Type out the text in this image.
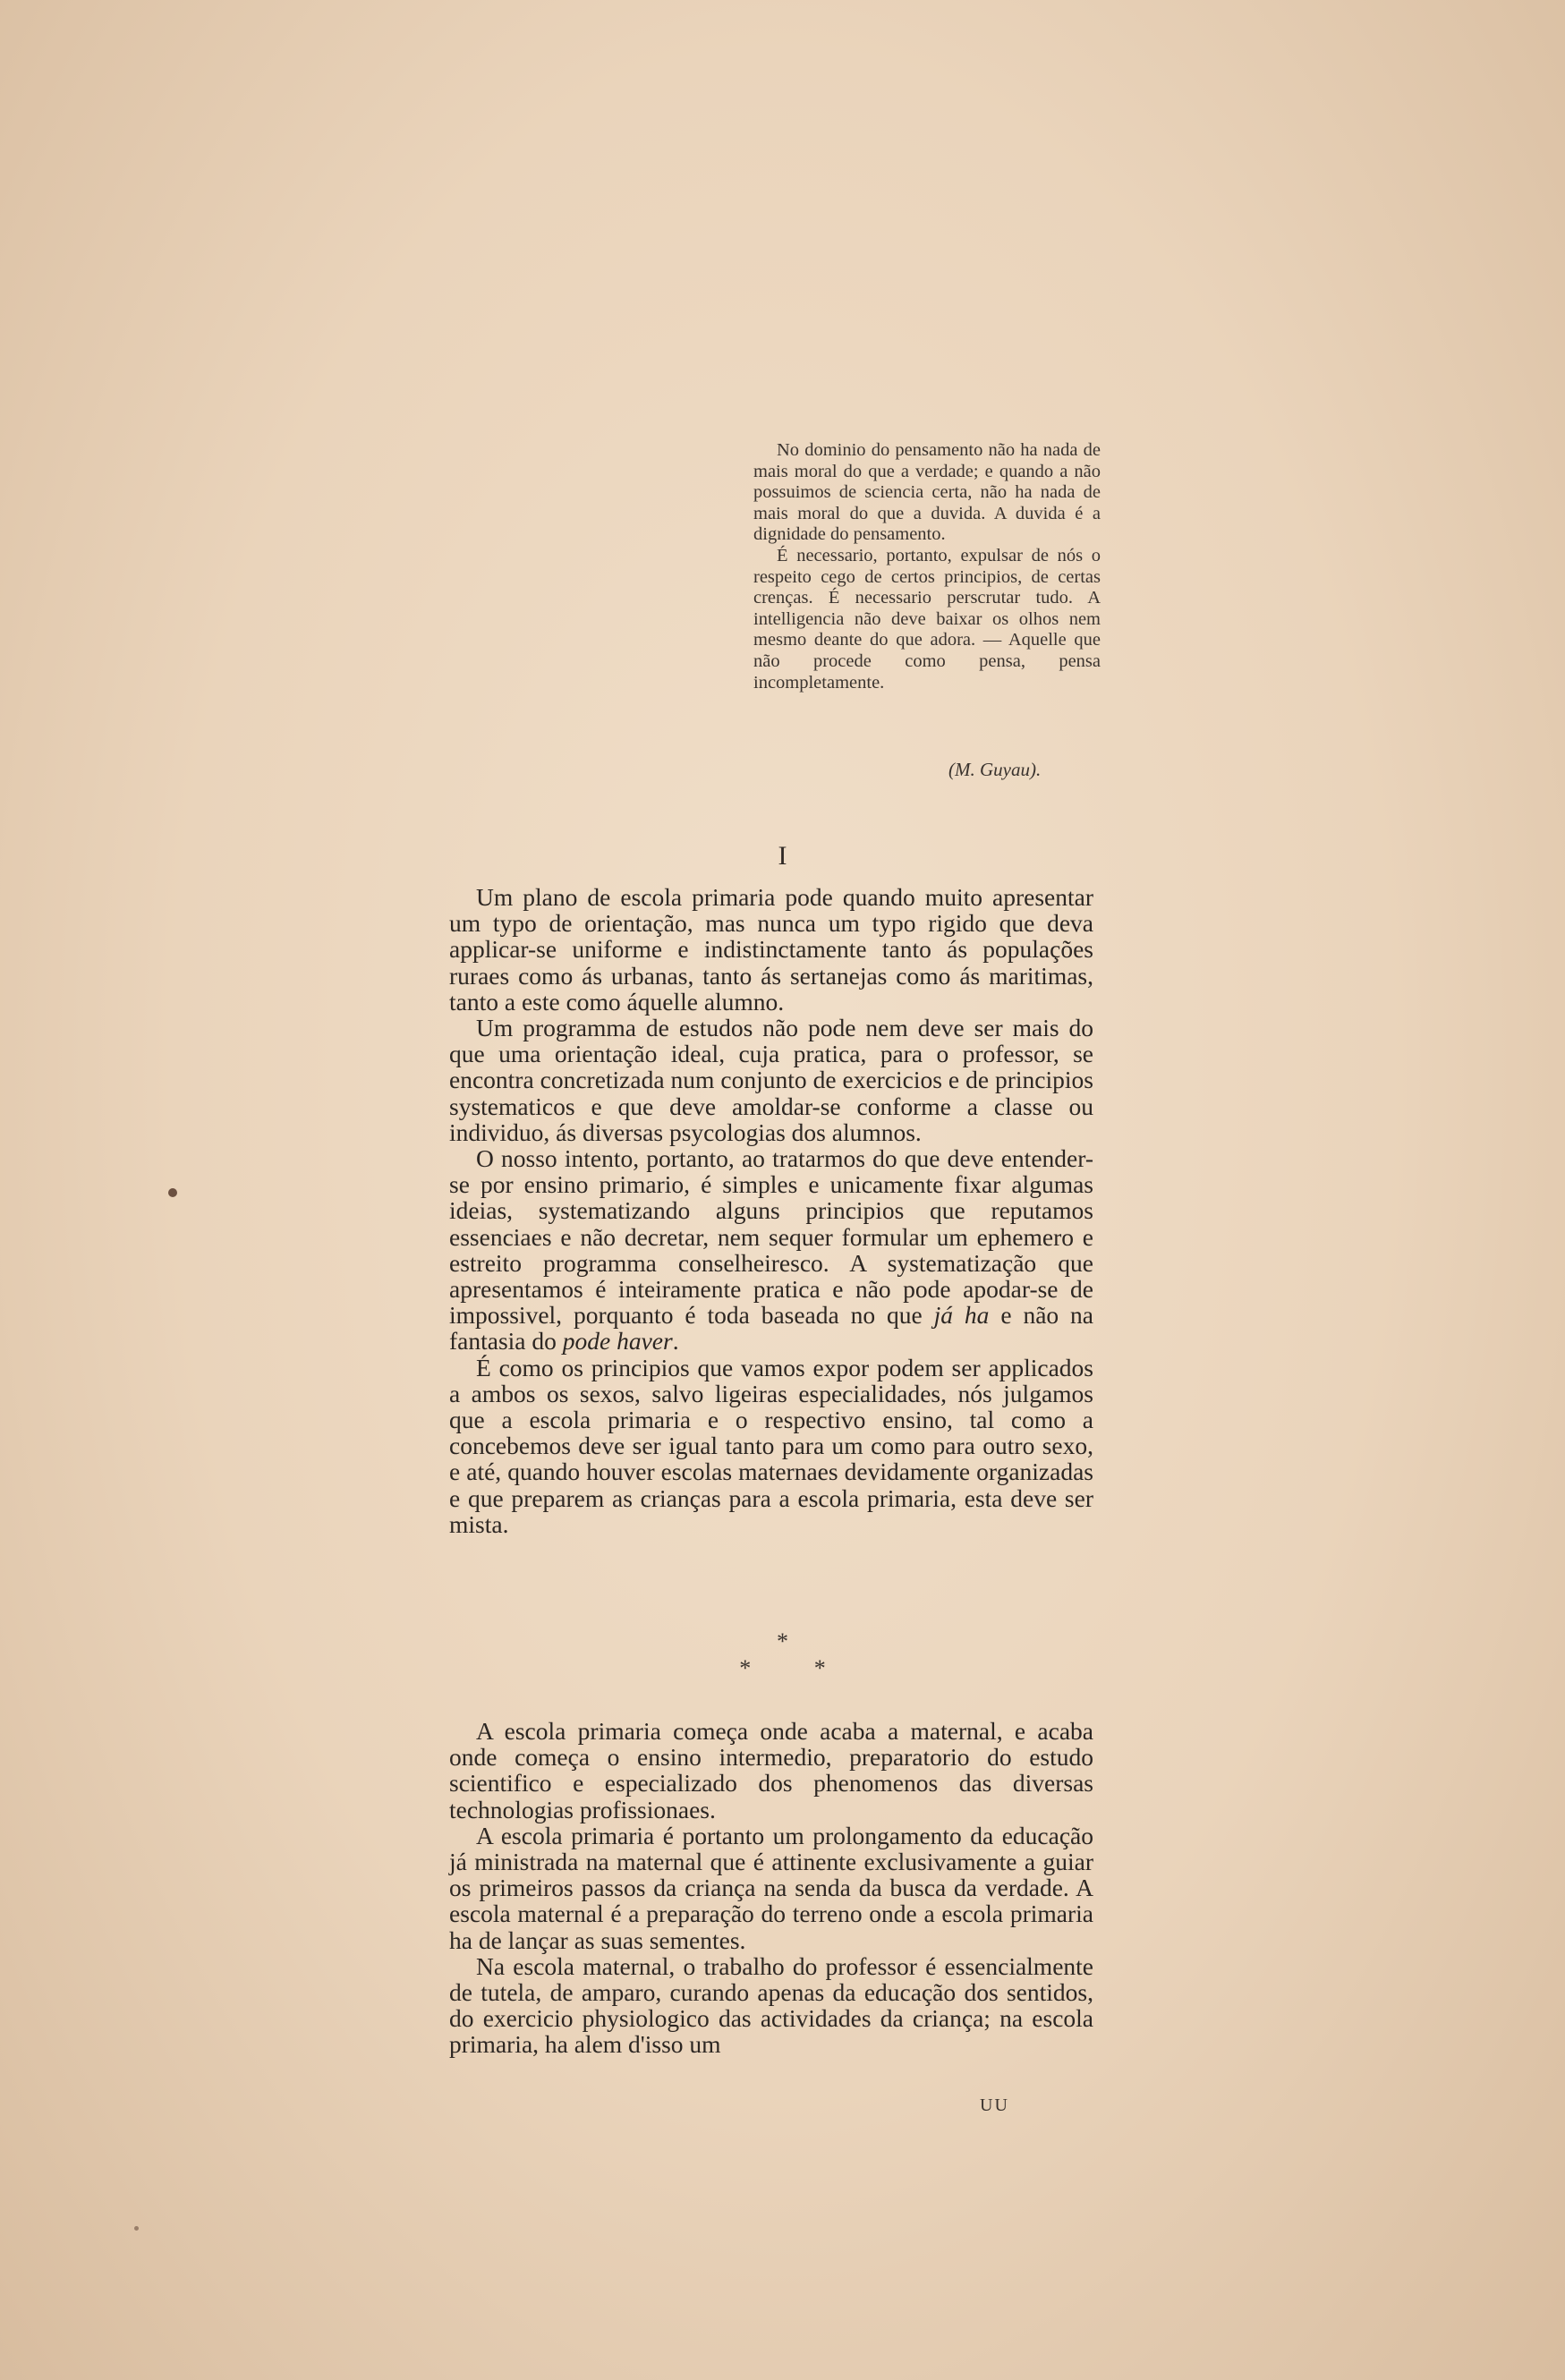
No dominio do pensamento não ha nada de mais moral do que a verdade; e quando a não possuimos de sciencia certa, não ha nada de mais moral do que a duvida. A duvida é a dignidade do pensamento.

É necessario, portanto, expulsar de nós o respeito cego de certos principios, de certas crenças. É necessario perscrutar tudo. A intelligencia não deve baixar os olhos nem mesmo deante do que adora. — Aquelle que não procede como pensa, pensa incompletamente.

(M. Guyau).
I

Um plano de escola primaria pode quando muito apresentar um typo de orientação, mas nunca um typo rigido que deva applicar-se uniforme e indistinctamente tanto ás populações ruraes como ás urbanas, tanto ás sertanejas como ás maritimas, tanto a este como áquelle alumno.

Um programma de estudos não pode nem deve ser mais do que uma orientação ideal, cuja pratica, para o professor, se encontra concretizada num conjunto de exercicios e de principios systematicos e que deve amoldar-se conforme a classe ou individuo, ás diversas psycologias dos alumnos.

O nosso intento, portanto, ao tratarmos do que deve entender-se por ensino primario, é simples e unicamente fixar algumas ideias, systematizando alguns principios que reputamos essenciaes e não decretar, nem sequer formular um ephemero e estreito programma conselheiresco. A systematização que apresentamos é inteiramente pratica e não pode apodar-se de impossivel, porquanto é toda baseada no que já ha e não na fantasia do pode haver.

É como os principios que vamos expor podem ser applicados a ambos os sexos, salvo ligeiras especialidades, nós julgamos que a escola primaria e o respectivo ensino, tal como a concebemos deve ser igual tanto para um como para outro sexo, e até, quando houver escolas maternaes devidamente organizadas e que preparem as crianças para a escola primaria, esta deve ser mista.

*
* *

A escola primaria começa onde acaba a maternal, e acaba onde começa o ensino intermedio, preparatorio do estudo scientifico e especializado dos phenomenos das diversas technologias profissionaes.

A escola primaria é portanto um prolongamento da educação já ministrada na maternal que é attinente exclusivamente a guiar os primeiros passos da criança na senda da busca da verdade. A escola maternal é a preparação do terreno onde a escola primaria ha de lançar as suas sementes.

Na escola maternal, o trabalho do professor é essencialmente de tutela, de amparo, curando apenas da educação dos sentidos, do exercicio physiologico das actividades da criança; na escola primaria, ha alem d'isso um

UU
